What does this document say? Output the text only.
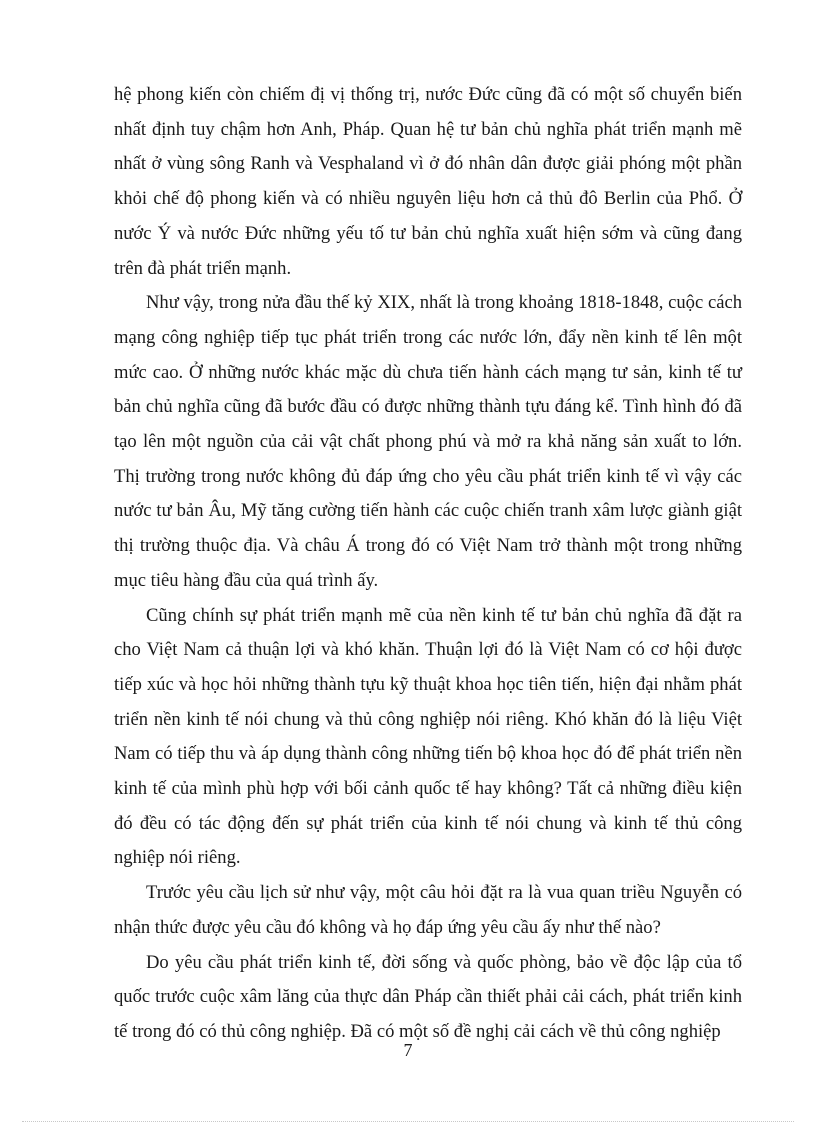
hệ phong kiến còn chiếm đị vị thống trị, nước Đức cũng đã có một số chuyển biến nhất định tuy chậm hơn Anh, Pháp. Quan hệ tư bản chủ nghĩa phát triển mạnh mẽ nhất ở vùng sông Ranh và Vesphaland vì ở đó nhân dân được giải phóng một phần khỏi chế độ phong kiến và có nhiều nguyên liệu hơn cả thủ đô Berlin của Phổ. Ở nước Ý và nước Đức những yếu tố tư bản chủ nghĩa xuất hiện sớm và cũng đang trên đà phát triển mạnh.

Như vậy, trong nửa đầu thế kỷ XIX, nhất là trong khoảng 1818-1848, cuộc cách mạng công nghiệp tiếp tục phát triển trong các nước lớn, đẩy nền kinh tế lên một mức cao. Ở những nước khác mặc dù chưa tiến hành cách mạng tư sản, kinh tế tư bản chủ nghĩa cũng đã bước đầu có được những thành tựu đáng kể. Tình hình đó đã tạo lên một nguồn của cải vật chất phong phú và mở ra khả năng sản xuất to lớn. Thị trường trong nước không đủ đáp ứng cho yêu cầu phát triển kinh tế vì vậy các nước tư bản Âu, Mỹ tăng cường tiến hành các cuộc chiến tranh xâm lược giành giật thị trường thuộc địa. Và châu Á trong đó có Việt Nam trở thành một trong những mục tiêu hàng đầu của quá trình ấy.

Cũng chính sự phát triển mạnh mẽ của nền kinh tế tư bản chủ nghĩa đã đặt ra cho Việt Nam cả thuận lợi và khó khăn. Thuận lợi đó là Việt Nam có cơ hội được tiếp xúc và học hỏi những thành tựu kỹ thuật khoa học tiên tiến, hiện đại nhằm phát triển nền kinh tế nói chung và thủ công nghiệp nói riêng. Khó khăn đó là liệu Việt Nam có tiếp thu và áp dụng thành công những tiến bộ khoa học đó để phát triển nền kinh tế của mình phù hợp với bối cảnh quốc tế hay không? Tất cả những điều kiện đó đều có tác động đến sự phát triển của kinh tế nói chung và kinh tế thủ công nghiệp nói riêng.

Trước yêu cầu lịch sử như vậy, một câu hỏi đặt ra là vua quan triều Nguyễn có nhận thức được yêu cầu đó không và họ đáp ứng yêu cầu ấy như thế nào?

Do yêu cầu phát triển kinh tế, đời sống và quốc phòng, bảo về độc lập của tổ quốc trước cuộc xâm lăng của thực dân Pháp cần thiết phải cải cách, phát triển kinh tế trong đó có thủ công nghiệp. Đã có một số đề nghị cải cách về thủ công nghiệp

7
